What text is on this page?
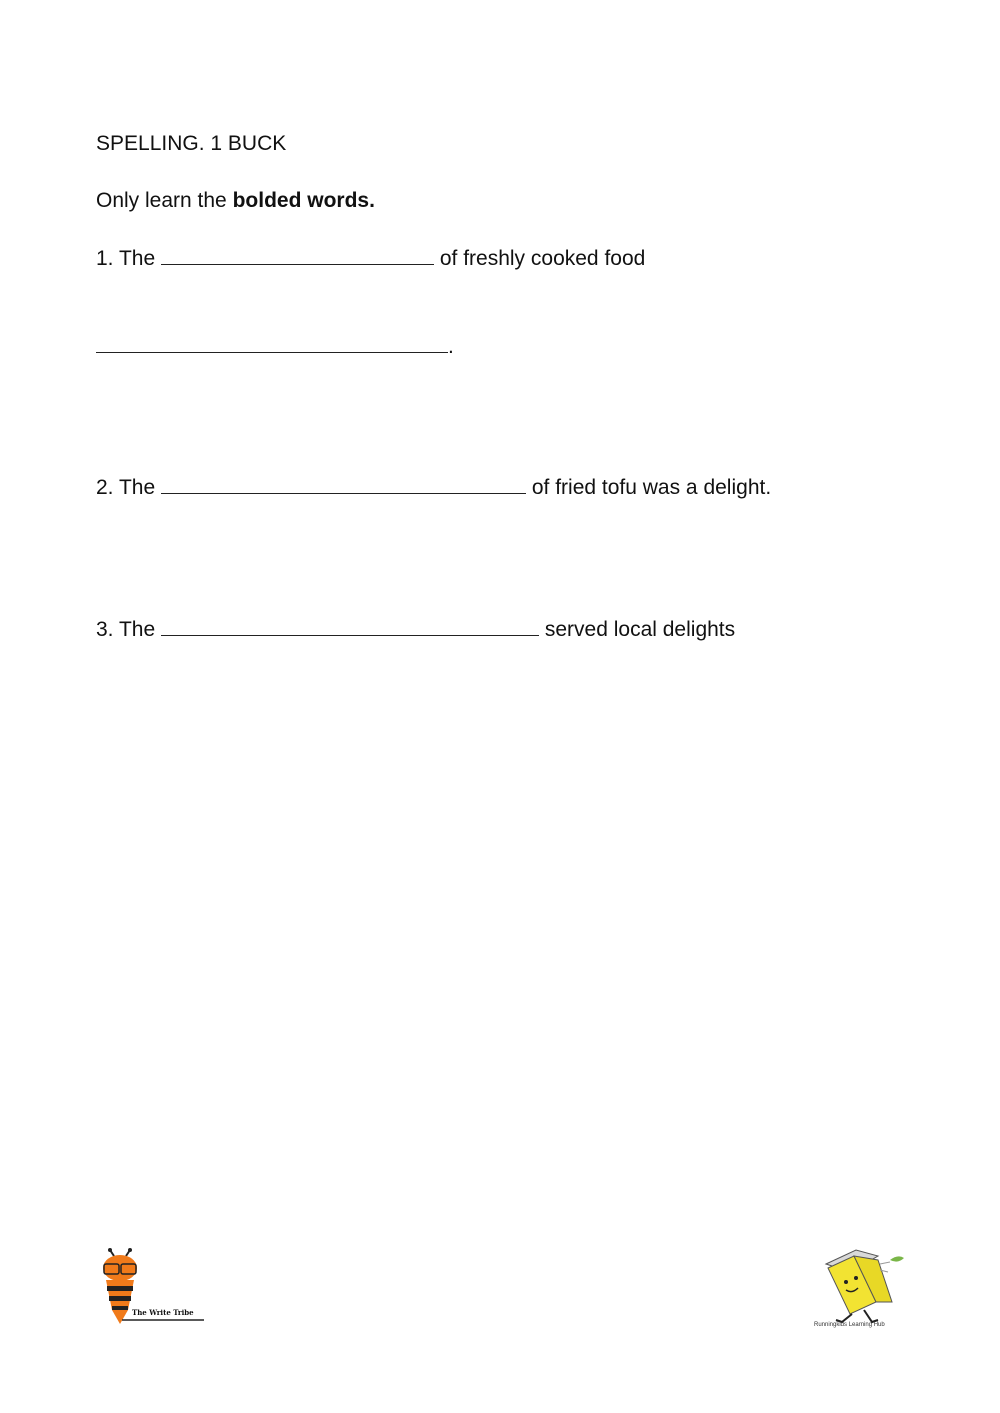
SPELLING. 1 BUCK

Only learn the bolded words.

1. The	of freshly cooked food

.

2. The	of fried tofu was a delight.

3. The	served local delights

The Write Tribe
Runningkids Learning Hub
